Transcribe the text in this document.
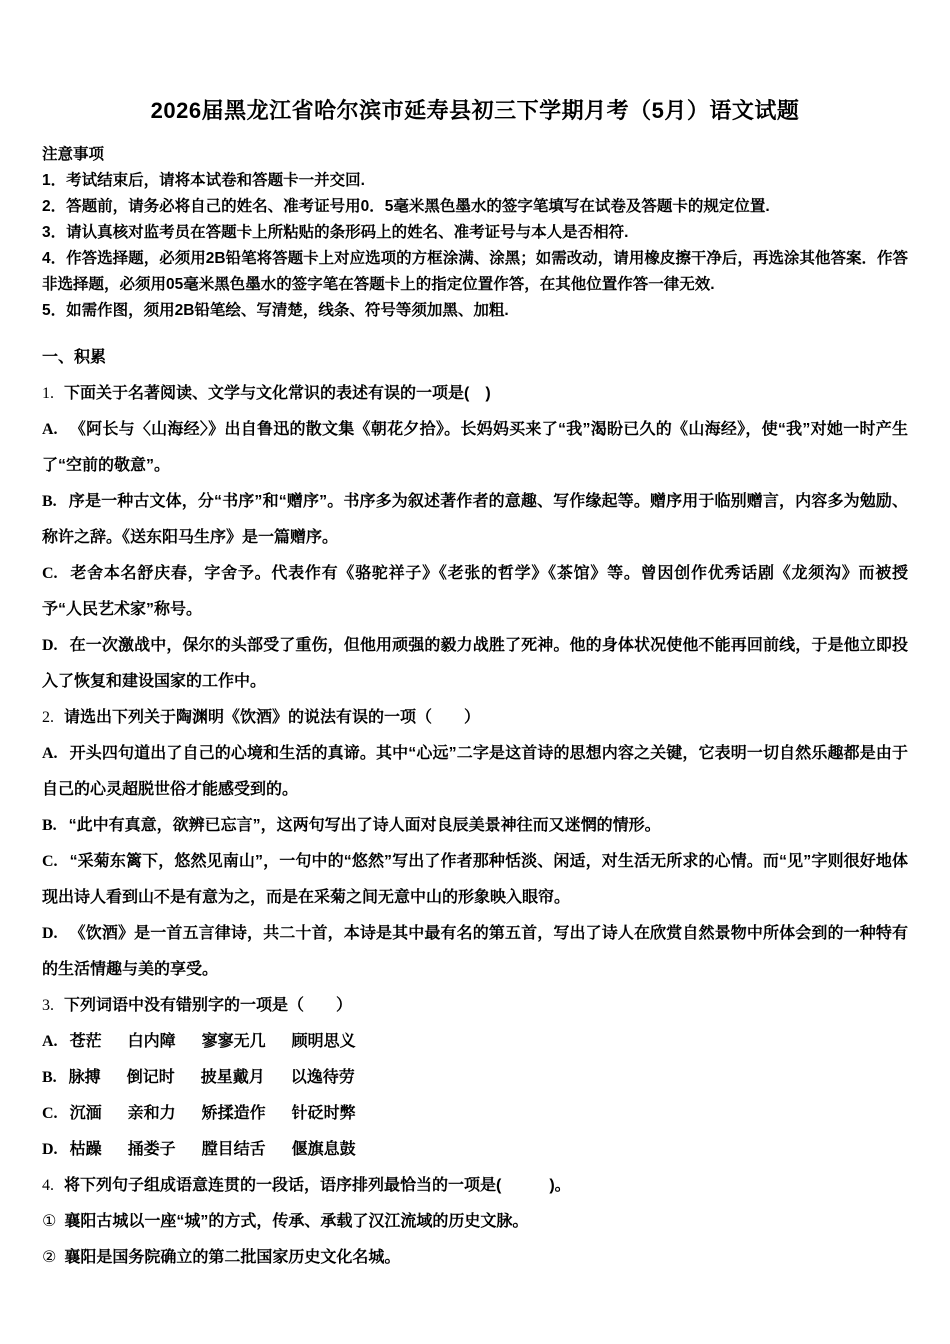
2026届黑龙江省哈尔滨市延寿县初三下学期月考（5月）语文试题

注意事项

1．考试结束后，请将本试卷和答题卡一并交回.

2．答题前，请务必将自己的姓名、准考证号用0．5毫米黑色墨水的签字笔填写在试卷及答题卡的规定位置.

3．请认真核对监考员在答题卡上所粘贴的条形码上的姓名、准考证号与本人是否相符.

4．作答选择题，必须用2B铅笔将答题卡上对应选项的方框涂满、涂黑；如需改动，请用橡皮擦干净后，再选涂其他答案．作答非选择题，必须用05毫米黑色墨水的签字笔在答题卡上的指定位置作答，在其他位置作答一律无效.

5．如需作图，须用2B铅笔绘、写清楚，线条、符号等须加黑、加粗.

一、积累

1. 下面关于名著阅读、文学与文化常识的表述有误的一项是(　)

A. 《阿长与〈山海经〉》出自鲁迅的散文集《朝花夕拾》。长妈妈买来了“我”渴盼已久的《山海经》，使“我”对她一时产生了“空前的敬意”。

B. 序是一种古文体，分“书序”和“赠序”。书序多为叙述著作者的意趣、写作缘起等。赠序用于临别赠言，内容多为勉励、称许之辞。《送东阳马生序》是一篇赠序。

C. 老舍本名舒庆春，字舍予。代表作有《骆驼祥子》《老张的哲学》《茶馆》等。曾因创作优秀话剧《龙须沟》而被授予“人民艺术家”称号。

D. 在一次激战中，保尔的头部受了重伤，但他用顽强的毅力战胜了死神。他的身体状况使他不能再回前线，于是他立即投入了恢复和建设国家的工作中。

2. 请选出下列关于陶渊明《饮酒》的说法有误的一项（　　）

A. 开头四句道出了自己的心境和生活的真谛。其中“心远”二字是这首诗的思想内容之关键，它表明一切自然乐趣都是由于自己的心灵超脱世俗才能感受到的。

B. “此中有真意，欲辨已忘言”，这两句写出了诗人面对良辰美景神往而又迷惘的情形。

C. “采菊东篱下，悠然见南山”，一句中的“悠然”写出了作者那种恬淡、闲适，对生活无所求的心情。而“见”字则很好地体现出诗人看到山不是有意为之，而是在采菊之间无意中山的形象映入眼帘。

D. 《饮酒》是一首五言律诗，共二十首，本诗是其中最有名的第五首，写出了诗人在欣赏自然景物中所体会到的一种特有的生活情趣与美的享受。

3. 下列词语中没有错别字的一项是（　　）

A. 苍茫 白内障 寥寥无几 顾明思义

B. 脉搏 倒记时 披星戴月 以逸待劳

C. 沉湎 亲和力 矫揉造作 针砭时弊

D. 枯躁 捅娄子 膛目结舌 偃旗息鼓

4. 将下列句子组成语意连贯的一段话，语序排列最恰当的一项是(　　　)。

① 襄阳古城以一座“城”的方式，传承、承载了汉江流域的历史文脉。

② 襄阳是国务院确立的第二批国家历史文化名城。
